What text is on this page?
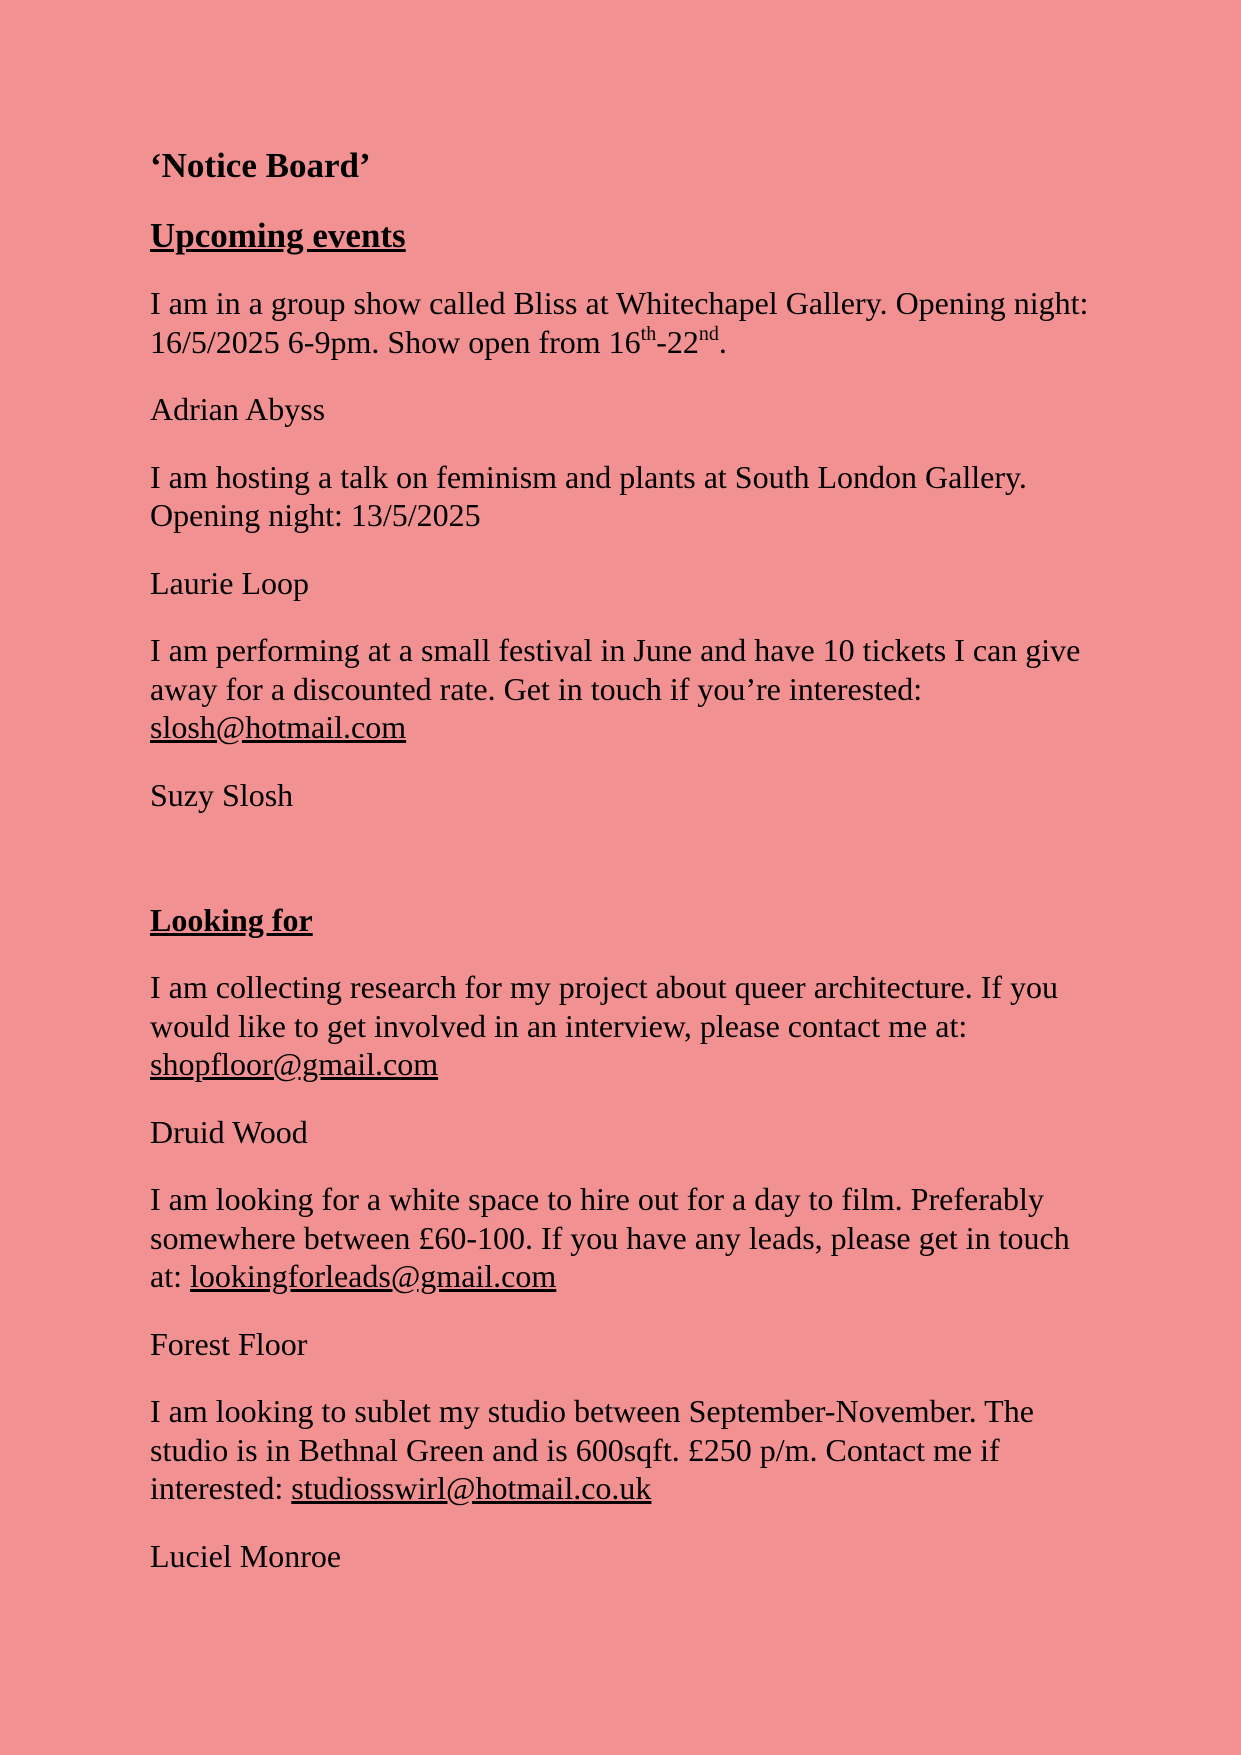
‘Notice Board’
Upcoming events

I am in a group show called Bliss at Whitechapel Gallery. Opening night: 16/5/2025 6-9pm. Show open from 16th-22nd.

Adrian Abyss

I am hosting a talk on feminism and plants at South London Gallery. Opening night: 13/5/2025

Laurie Loop

I am performing at a small festival in June and have 10 tickets I can give away for a discounted rate. Get in touch if you’re interested: slosh@hotmail.com

Suzy Slosh

Looking for

I am collecting research for my project about queer architecture. If you would like to get involved in an interview, please contact me at: shopfloor@gmail.com

Druid Wood

I am looking for a white space to hire out for a day to film. Preferably somewhere between £60-100. If you have any leads, please get in touch at: lookingforleads@gmail.com

Forest Floor

I am looking to sublet my studio between September-November. The studio is in Bethnal Green and is 600sqft. £250 p/m. Contact me if interested: studiosswirl@hotmail.co.uk

Luciel Monroe
